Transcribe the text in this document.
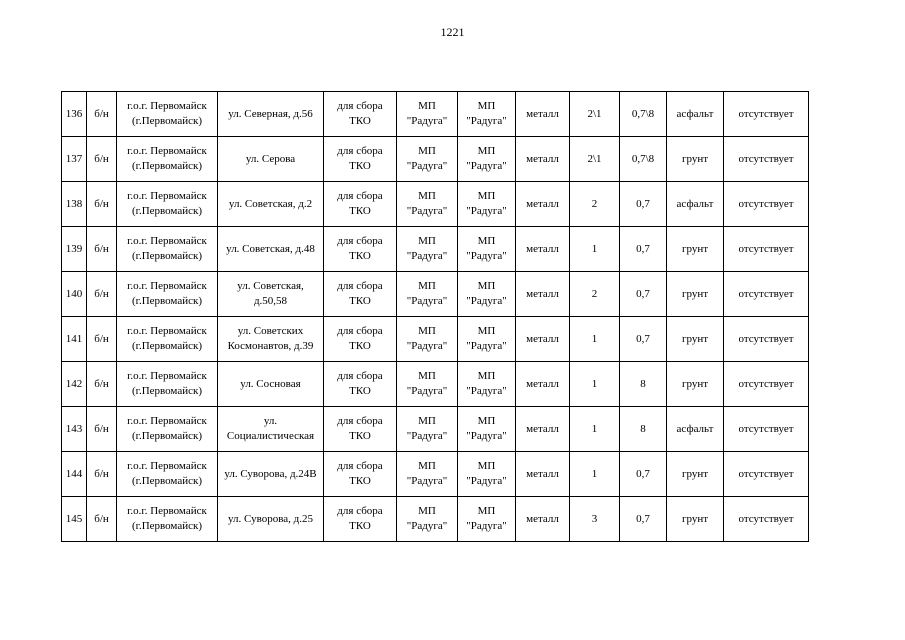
1221
136	б/н	г.о.г. Первомайск
(г.Первомайск)	ул. Северная, д.56	для сбора
ТКО	МП
"Радуга"	МП
"Радуга"	металл	2\1	0,7\8	асфальт	отсутствует
137	б/н	г.о.г. Первомайск
(г.Первомайск)	ул. Серова	для сбора
ТКО	МП
"Радуга"	МП
"Радуга"	металл	2\1	0,7\8	грунт	отсутствует
138	б/н	г.о.г. Первомайск
(г.Первомайск)	ул. Советская, д.2	для сбора
ТКО	МП
"Радуга"	МП
"Радуга"	металл	2	0,7	асфальт	отсутствует
139	б/н	г.о.г. Первомайск
(г.Первомайск)	ул. Советская, д.48	для сбора
ТКО	МП
"Радуга"	МП
"Радуга"	металл	1	0,7	грунт	отсутствует
140	б/н	г.о.г. Первомайск
(г.Первомайск)	ул. Советская,
д.50,58	для сбора
ТКО	МП
"Радуга"	МП
"Радуга"	металл	2	0,7	грунт	отсутствует
141	б/н	г.о.г. Первомайск
(г.Первомайск)	ул. Советских
Космонавтов, д.39	для сбора
ТКО	МП
"Радуга"	МП
"Радуга"	металл	1	0,7	грунт	отсутствует
142	б/н	г.о.г. Первомайск
(г.Первомайск)	ул. Сосновая	для сбора
ТКО	МП
"Радуга"	МП
"Радуга"	металл	1	8	грунт	отсутствует
143	б/н	г.о.г. Первомайск
(г.Первомайск)	ул.
Социалистическая	для сбора
ТКО	МП
"Радуга"	МП
"Радуга"	металл	1	8	асфальт	отсутствует
144	б/н	г.о.г. Первомайск
(г.Первомайск)	ул. Суворова, д.24В	для сбора
ТКО	МП
"Радуга"	МП
"Радуга"	металл	1	0,7	грунт	отсутствует
145	б/н	г.о.г. Первомайск
(г.Первомайск)	ул. Суворова, д.25	для сбора
ТКО	МП
"Радуга"	МП
"Радуга"	металл	3	0,7	грунт	отсутствует
